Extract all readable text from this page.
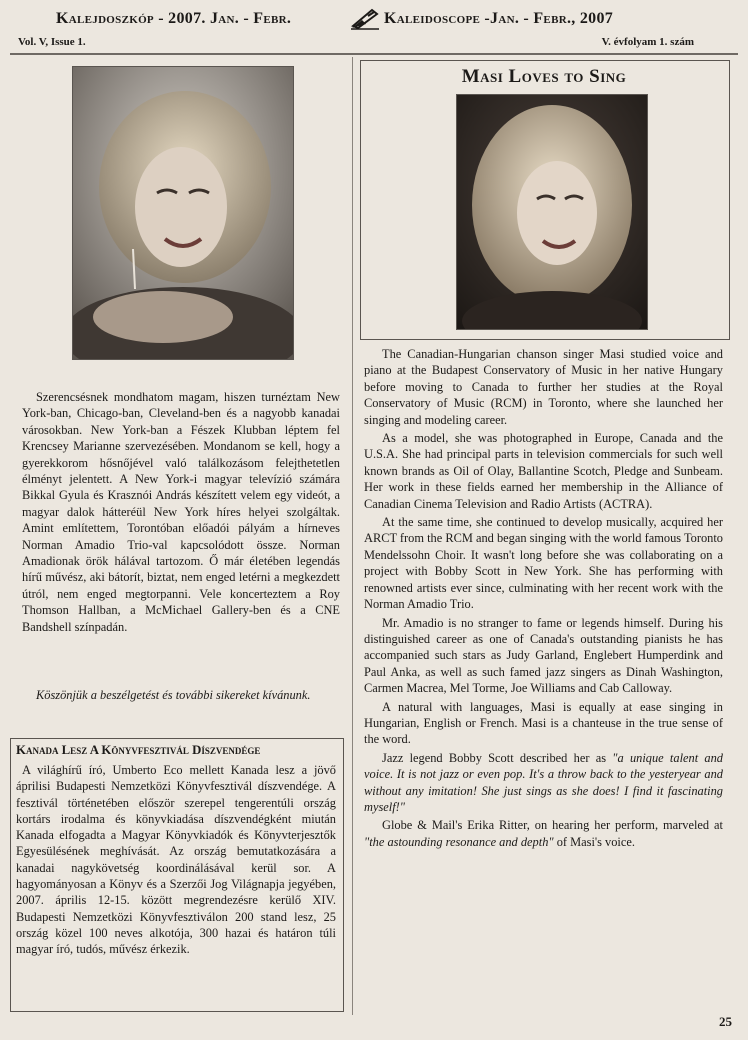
Kalejdoszkóp - 2007. Jan. - Febr.	Kaleidoscope -Jan. - Febr., 2007
Vol. V, Issue 1.	V. évfolyam 1. szám
Szerencsésnek mondhatom magam, hiszen turnéztam New York-ban, Chicago-ban, Cleveland-ben és a nagyobb kanadai városokban. New York-ban a Fészek Klubban léptem fel Krencsey Marianne szervezésében. Mondanom se kell, hogy a gyerekkorom hősnőjével való találkozásom felejthetetlen élményt jelentett. A New York-i magyar televízió számára Bikkal Gyula és Krasznói András készített velem egy videót, a magyar dalok hátteréül New York híres helyei szolgáltak. Amint említettem, Torontóban előadói pályám a hírneves Norman Amadio Trio-val kapcsolódott össze. Norman Amadionak örök hálával tartozom. Ő már életében legendás hírű művész, aki bátorít, biztat, nem enged letérni a megkezdett útról, nem enged megtorpanni. Vele koncerteztem a Roy Thomson Hallban, a McMichael Gallery-ben és a CNE Bandshell színpadán.
Köszönjük a beszélgetést és további sikereket kívánunk.
Kanada Lesz A Könyvfesztivál Díszvendége
A világhírű író, Umberto Eco mellett Kanada lesz a jövő áprilisi Budapesti Nemzetközi Könyvfesztivál díszvendége. A fesztivál történetében először szerepel tengerentúli ország kortárs irodalma és könyvkiadása díszvendégként miután Kanada elfogadta a Magyar Könyvkiadók és Könyvterjesztők Egyesülésének meghívását. Az ország bemutatkozására a kanadai nagykövetség koordinálásával kerül sor. A hagyományosan a Könyv és a Szerzői Jog Világnapja jegyében, 2007. április 12-15. között megrendezésre kerülő XIV. Budapesti Nemzetközi Könyvfesztiválon 200 stand lesz, 25 ország közel 100 neves alkotója, 300 hazai és határon túli magyar író, tudós, művész érkezik.
Masi Loves to Sing

The Canadian-Hungarian chanson singer Masi studied voice and piano at the Budapest Conservatory of Music in her native Hungary before moving to Canada to further her studies at the Royal Conservatory of Music (RCM) in Toronto, where she launched her singing and modeling career.

As a model, she was photographed in Europe, Canada and the U.S.A. She had principal parts in television commercials for such well known brands as Oil of Olay, Ballantine Scotch, Pledge and Sunbeam. Her work in these fields earned her membership in the Alliance of Canadian Cinema Television and Radio Artists (ACTRA).

At the same time, she continued to develop musically, acquired her ARCT from the RCM and began singing with the world famous Toronto Mendelssohn Choir. It wasn't long before she was collaborating on a project with Bobby Scott in New York. She has performing with renowned artists ever since, culminating with her recent work with the Norman Amadio Trio.

Mr. Amadio is no stranger to fame or legends himself. During his distinguished career as one of Canada's outstanding pianists he has accompanied such stars as Judy Garland, Englebert Humperdink and Paul Anka, as well as such famed jazz singers as Dinah Washington, Carmen Macrea, Mel Torme, Joe Williams and Cab Calloway.

A natural with languages, Masi is equally at ease singing in Hungarian, English or French. Masi is a chanteuse in the true sense of the word.

Jazz legend Bobby Scott described her as "a unique talent and voice. It is not jazz or even pop. It's a throw back to the yesteryear and without any imitation! She just sings as she does! I find it fascinating myself!"

Globe & Mail's Erika Ritter, on hearing her perform, marveled at "the astounding resonance and depth" of Masi's voice.

25
